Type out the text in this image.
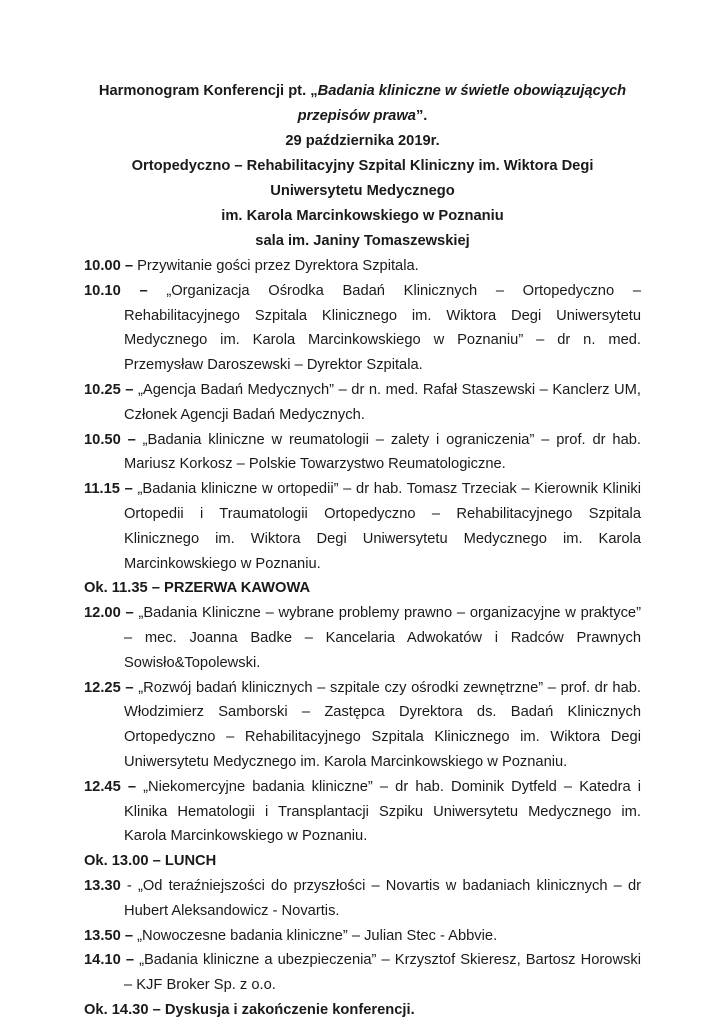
Harmonogram Konferencji pt. „Badania kliniczne w świetle obowiązujących przepisów prawa”.

29 października 2019r.

Ortopedyczno – Rehabilitacyjny Szpital Kliniczny im. Wiktora Degi Uniwersytetu Medycznego

im. Karola Marcinkowskiego w Poznaniu

sala im. Janiny Tomaszewskiej

10.00 – Przywitanie gości przez Dyrektora Szpitala.

10.10 – „Organizacja Ośrodka Badań Klinicznych – Ortopedyczno – Rehabilitacyjnego Szpitala Klinicznego im. Wiktora Degi Uniwersytetu Medycznego im. Karola Marcinkowskiego w Poznaniu” – dr n. med. Przemysław Daroszewski – Dyrektor Szpitala.

10.25 – „Agencja Badań Medycznych” – dr n. med. Rafał Staszewski – Kanclerz UM, Członek Agencji Badań Medycznych.

10.50 – „Badania kliniczne w reumatologii – zalety i ograniczenia” – prof. dr hab. Mariusz Korkosz – Polskie Towarzystwo Reumatologiczne.

11.15 – „Badania kliniczne w ortopedii” – dr hab. Tomasz Trzeciak – Kierownik Kliniki Ortopedii i Traumatologii Ortopedyczno – Rehabilitacyjnego Szpitala Klinicznego im. Wiktora Degi Uniwersytetu Medycznego im. Karola Marcinkowskiego w Poznaniu.

Ok. 11.35 – PRZERWA KAWOWA

12.00 – „Badania Kliniczne – wybrane problemy prawno – organizacyjne w praktyce” – mec. Joanna Badke – Kancelaria Adwokatów i Radców Prawnych Sowisło&Topolewski.

12.25 – „Rozwój badań klinicznych – szpitale czy ośrodki zewnętrzne” – prof. dr hab. Włodzimierz Samborski – Zastępca Dyrektora ds. Badań Klinicznych Ortopedyczno – Rehabilitacyjnego Szpitala Klinicznego im. Wiktora Degi Uniwersytetu Medycznego im. Karola Marcinkowskiego w Poznaniu.

12.45 – „Niekomercyjne badania kliniczne” – dr hab. Dominik Dytfeld – Katedra i Klinika Hematologii i Transplantacji Szpiku Uniwersytetu Medycznego im. Karola Marcinkowskiego w Poznaniu.

Ok. 13.00 – LUNCH

13.30 - „Od teraźniejszości do przyszłości – Novartis w badaniach klinicznych – dr Hubert Aleksandowicz - Novartis.

13.50 – „Nowoczesne badania kliniczne” – Julian Stec - Abbvie.

14.10 – „Badania kliniczne a ubezpieczenia” – Krzysztof Skieresz, Bartosz Horowski – KJF Broker Sp. z o.o.

Ok. 14.30 – Dyskusja i zakończenie konferencji.
